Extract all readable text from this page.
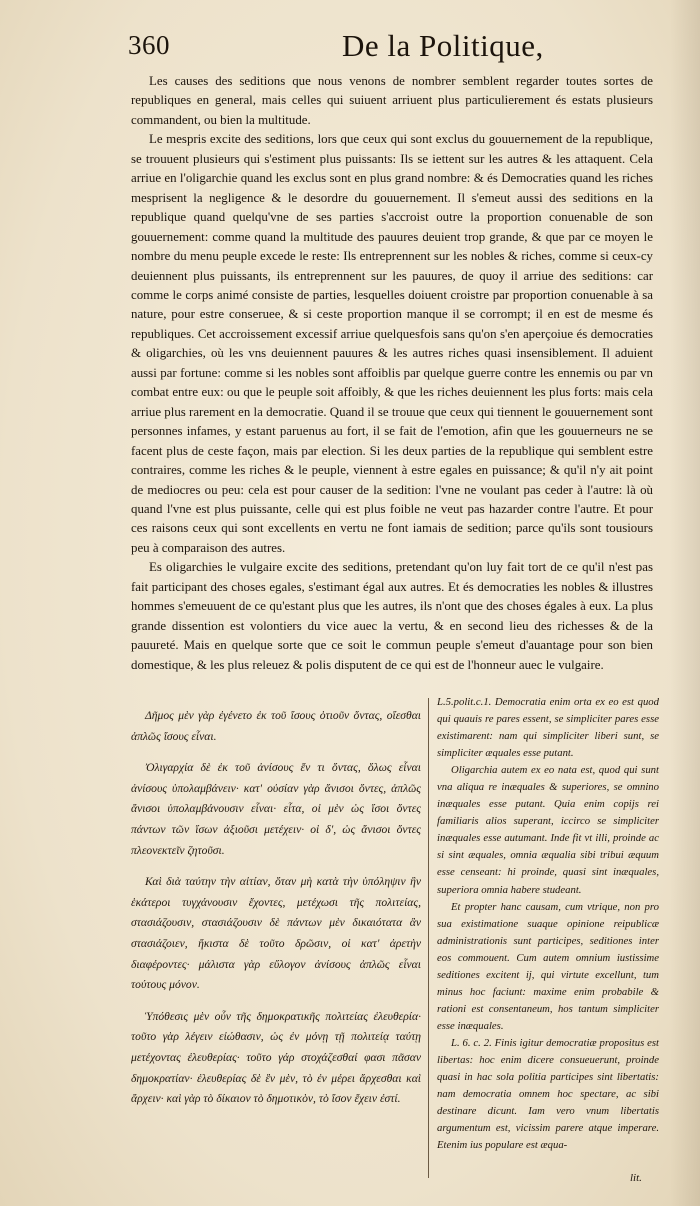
360	De la Politique,

Les causes des seditions que nous venons de nombrer semblent regarder toutes sortes de republiques en general, mais celles qui suiuent arriuent plus particulierement és estats plusieurs commandent, ou bien la multitude.

Le mespris excite des seditions, lors que ceux qui sont exclus du gouuernement de la republique, se trouuent plusieurs qui s'estiment plus puissants: Ils se iettent sur les autres & les attaquent. Cela arriue en l'oligarchie quand les exclus sont en plus grand nombre: & és Democraties quand les riches mesprisent la negligence & le desordre du gouuernement. Il s'emeut aussi des seditions en la republique quand quelqu'vne de ses parties s'accroist outre la proportion conuenable de son gouuernement: comme quand la multitude des pauures deuient trop grande, & que par ce moyen le nombre du menu peuple excede le reste: Ils entreprennent sur les nobles & riches, comme si ceux-cy deuiennent plus puissants, ils entreprennent sur les pauures, de quoy il arriue des seditions: car comme le corps animé consiste de parties, lesquelles doiuent croistre par proportion conuenable à sa nature, pour estre conseruee, & si ceste proportion manque il se corrompt; il en est de mesme és republiques. Cet accroissement excessif arriue quelquesfois sans qu'on s'en aperçoiue és democraties & oligarchies, où les vns deuiennent pauures & les autres riches quasi insensiblement. Il aduient aussi par fortune: comme si les nobles sont affoiblis par quelque guerre contre les ennemis ou par vn combat entre eux: ou que le peuple soit affoibly, & que les riches deuiennent les plus forts: mais cela arriue plus rarement en la democratie. Quand il se trouue que ceux qui tiennent le gouuernement sont personnes infames, y estant paruenus au fort, il se fait de l'emotion, afin que les gouuerneurs ne se facent plus de ceste façon, mais par election. Si les deux parties de la republique qui semblent estre contraires, comme les riches & le peuple, viennent à estre egales en puissance; & qu'il n'y ait point de mediocres ou peu: cela est pour causer de la sedition: l'vne ne voulant pas ceder à l'autre: là où quand l'vne est plus puissante, celle qui est plus foible ne veut pas hazarder contre l'autre. Et pour ces raisons ceux qui sont excellents en vertu ne font iamais de sedition; parce qu'ils sont tousiours peu à comparaison des autres.

Es oligarchies le vulgaire excite des seditions, pretendant qu'on luy fait tort de ce qu'il n'est pas fait participant des choses egales, s'estimant égal aux autres. Et és democraties les nobles & illustres hommes s'emeuuent de ce qu'estant plus que les autres, ils n'ont que des choses égales à eux. La plus grande dissention est volontiers du vice auec la vertu, & en second lieu des richesses & de la pauureté. Mais en quelque sorte que ce soit le commun peuple s'emeut d'auantage pour son bien domestique, & les plus releuez & polis disputent de ce qui est de l'honneur auec le vulgaire.

Δῆμος μὲν γὰρ ἐγένετο ἐκ τοῦ ἴσους ὁτιοῦν ὄντας, οἴεσθαι ἁπλῶς ἴσους εἶναι.

Ὀλιγαρχία δὲ ἐκ τοῦ ἀνίσους ἕν τι ὄντας, ὅλως εἶναι ἀνίσους ὑπολαμβάνειν· κατ' οὐσίαν γὰρ ἄνισοι ὄντες, ἁπλῶς ἄνισοι ὑπολαμβάνουσιν εἶναι· εἶτα, οἱ μὲν ὡς ἴσοι ὄντες πάντων τῶν ἴσων ἀξιοῦσι μετέχειν· οἱ δ', ὡς ἄνισοι ὄντες πλεονεκτεῖν ζητοῦσι.

Καὶ διὰ ταύτην τὴν αἰτίαν, ὅταν μὴ κατὰ τὴν ὑπόληψιν ἣν ἑκάτεροι τυγχάνουσιν ἔχοντες, μετέχωσι τῆς πολιτείας, στασιάζουσιν, στασιάζουσιν δὲ πάντων μὲν δικαιότατα ἂν στασιάζοιεν, ἥκιστα δὲ τοῦτο δρῶσιν, οἱ κατ' ἀρετὴν διαφέροντες· μάλιστα γὰρ εὔλογον ἀνίσους ἁπλῶς εἶναι τούτους μόνον.

Ὑπόθεσις μὲν οὖν τῆς δημοκρατικῆς πολιτείας ἐλευθερία· τοῦτο γὰρ λέγειν εἰώθασιν, ὡς ἐν μόνῃ τῇ πολιτείᾳ ταύτῃ μετέχοντας ἐλευθερίας· τοῦτο γάρ στοχάζεσθαί φασι πᾶσαν δημοκρατίαν· ἐλευθερίας δὲ ἓν μὲν, τὸ ἐν μέρει ἄρχεσθαι καὶ ἄρχειν· καὶ γὰρ τὸ δίκαιον τὸ δημοτικὸν, τὸ ἴσον ἔχειν ἐστί.

L.5.polit.c.1. Democratia enim orta ex eo est quod qui quauis re pares essent, se simpliciter pares esse existimarent: nam qui simpliciter liberi sunt, se simpliciter æquales esse putant.

Oligarchia autem ex eo nata est, quod qui sunt vna aliqua re inæquales & superiores, se omnino inæquales esse putant. Quia enim copijs rei familiaris alios superant, iccirco se simpliciter inæquales esse autumant. Inde fit vt illi, proinde ac si sint æquales, omnia æqualia sibi tribui æquum esse censeant: hi proinde, quasi sint inæquales, superiora omnia habere studeant.

Et propter hanc causam, cum vtrique, non pro sua existimatione suaque opinione reipublicæ administrationis sunt participes, seditiones inter eos commouent. Cum autem omnium iustissime seditiones excitent ij, qui virtute excellunt, tum minus hoc faciunt: maxime enim probabile & rationi est consentaneum, hos tantum simpliciter esse inæquales.

L. 6. c. 2. Finis igitur democratiæ propositus est libertas: hoc enim dicere consueuerunt, proinde quasi in hac sola politia participes sint libertatis: nam democratia omnem hoc spectare, ac sibi destinare dicunt. Iam vero vnum libertatis argumentum est, vicissim parere atque imperare. Etenim ius populare est æqua-

lit.
